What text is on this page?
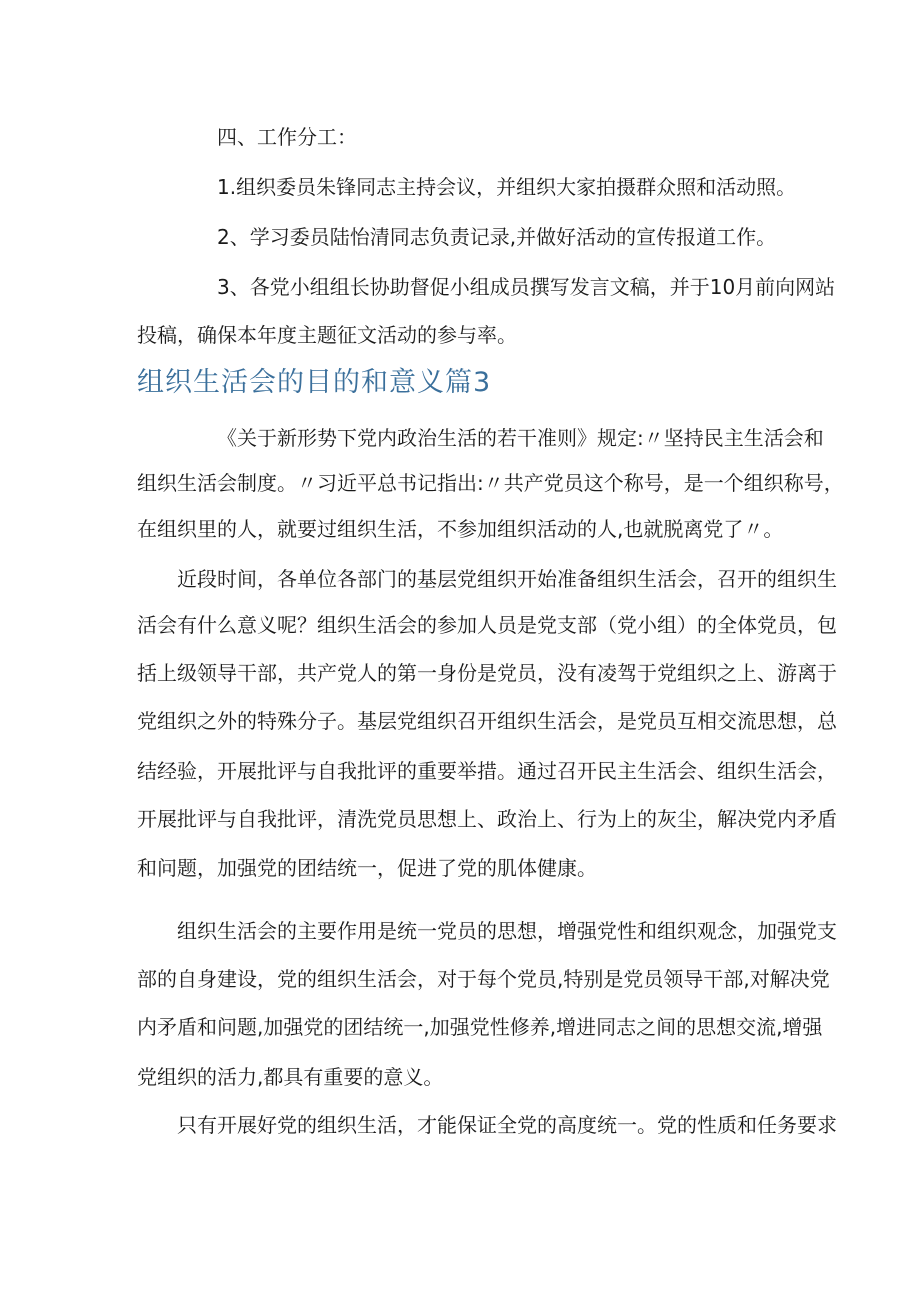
四、工作分工：
1.组织委员朱锋同志主持会议，并组织大家拍摄群众照和活动照。
2、学习委员陆怡清同志负责记录,并做好活动的宣传报道工作。
3、各党小组组长协助督促小组成员撰写发言文稿，并于10月前向网站
投稿，确保本年度主题征文活动的参与率。
组织生活会的目的和意义篇3
《关于新形势下党内政治生活的若干准则》规定:〃坚持民主生活会和
组织生活会制度。〃习近平总书记指出:〃共产党员这个称号，是一个组织称号，
在组织里的人，就要过组织生活，不参加组织活动的人,也就脱离党了〃。
近段时间，各单位各部门的基层党组织开始准备组织生活会，召开的组织生
活会有什么意义呢？组织生活会的参加人员是党支部（党小组）的全体党员，包
括上级领导干部，共产党人的第一身份是党员，没有凌驾于党组织之上、游离于
党组织之外的特殊分子。基层党组织召开组织生活会，是党员互相交流思想，总
结经验，开展批评与自我批评的重要举措。通过召开民主生活会、组织生活会，
开展批评与自我批评，清洗党员思想上、政治上、行为上的灰尘，解决党内矛盾
和问题，加强党的团结统一，促进了党的肌体健康。
组织生活会的主要作用是统一党员的思想，增强党性和组织观念，加强党支
部的自身建设，党的组织生活会，对于每个党员,特别是党员领导干部,对解决党
内矛盾和问题,加强党的团结统一,加强党性修养,增进同志之间的思想交流,增强
党组织的活力,都具有重要的意义。
只有开展好党的组织生活，才能保证全党的高度统一。党的性质和任务要求
